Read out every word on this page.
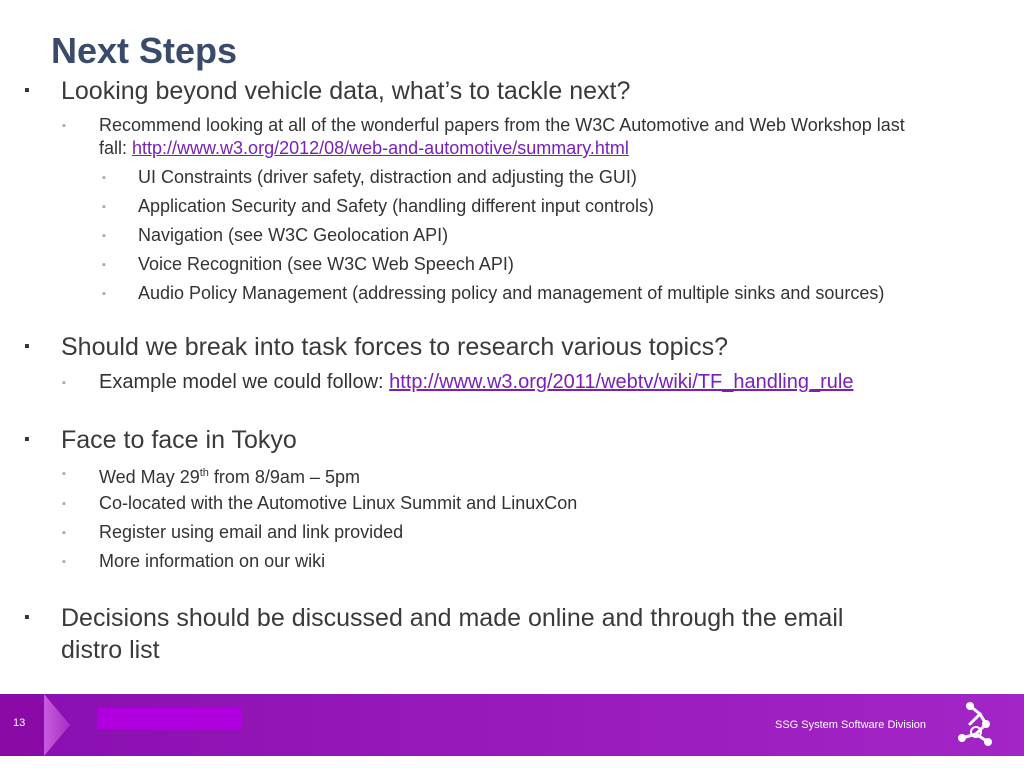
Next Steps
▪ Looking beyond vehicle data, what’s to tackle next?
▪ Recommend looking at all of the wonderful papers from the W3C Automotive and Web Workshop last
fall: http://www.w3.org/2012/08/web-and-automotive/summary.html
▪ UI Constraints (driver safety, distraction and adjusting the GUI)
▪ Application Security and Safety (handling different input controls)
▪ Navigation (see W3C Geolocation API)
▪ Voice Recognition (see W3C Web Speech API)
▪ Audio Policy Management (addressing policy and management of multiple sinks and sources)
▪ Should we break into task forces to research various topics?
▪ Example model we could follow: http://www.w3.org/2011/webtv/wiki/TF_handling_rule
▪ Face to face in Tokyo
▪ Wed May 29th from 8/9am – 5pm
▪ Co-located with the Automotive Linux Summit and LinuxCon
▪ Register using email and link provided
▪ More information on our wiki
▪ Decisions should be discussed and made online and through the email
distro list
13	SSG System Software Division
